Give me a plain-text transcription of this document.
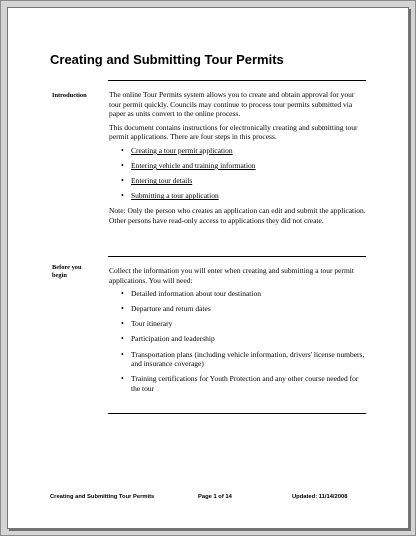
Creating and Submitting Tour Permits
Introduction	The online Tour Permits system allows you to create and obtain approval for your tour permit quickly. Councils may continue to process tour permits submitted via paper as units convert to the online process.

This document contains instructions for electronically creating and submitting tour permit applications. There are four steps in this process.

• Creating a tour permit application
• Entering vehicle and training information
• Entering tour details
• Submitting a tour application

Note: Only the person who creates an application can edit and submit the application. Other persons have read-only access to applications they did not create.

Before you
begin

Collect the information you will enter when creating and submitting a tour permit applications. You will need:

• Detailed information about tour destination
• Departure and return dates
• Tour itinerary
• Participation and leadership
• Transportation plans (including vehicle information, drivers' license numbers, and insurance coverage)
• Training certifications for Youth Protection and any other course needed for the tour
Creating and Submitting Tour Permits	Page 1 of 14	Updated: 11/14/2008
